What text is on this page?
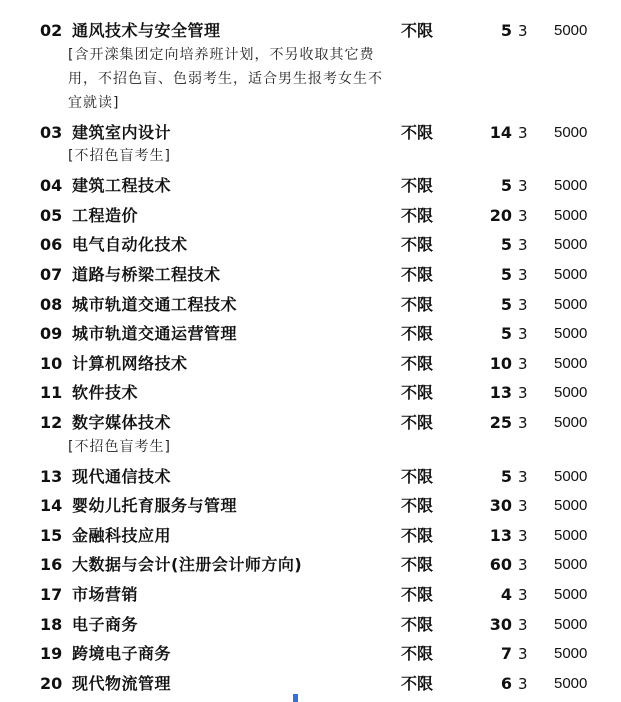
02 通风技术与安全管理	不限	5 3 5000
[含开滦集团定向培养班计划，不另收取其它费
用，不招色盲、色弱考生，适合男生报考女生不
宜就读]
03 建筑室内设计	不限	14 3 5000
[不招色盲考生]
04 建筑工程技术	不限	5 3 5000
05 工程造价	不限	20 3 5000
06 电气自动化技术	不限	5 3 5000
07 道路与桥梁工程技术	不限	5 3 5000
08 城市轨道交通工程技术	不限	5 3 5000
09 城市轨道交通运营管理	不限	5 3 5000
10 计算机网络技术	不限	10 3 5000
11 软件技术	不限	13 3 5000
12 数字媒体技术	不限	25 3 5000
[不招色盲考生]
13 现代通信技术	不限	5 3 5000
14 婴幼儿托育服务与管理	不限	30 3 5000
15 金融科技应用	不限	13 3 5000
16 大数据与会计(注册会计师方向)	不限	60 3 5000
17 市场营销	不限	4 3 5000
18 电子商务	不限	30 3 5000
19 跨境电子商务	不限	7 3 5000
20 现代物流管理	不限	6 3 5000
